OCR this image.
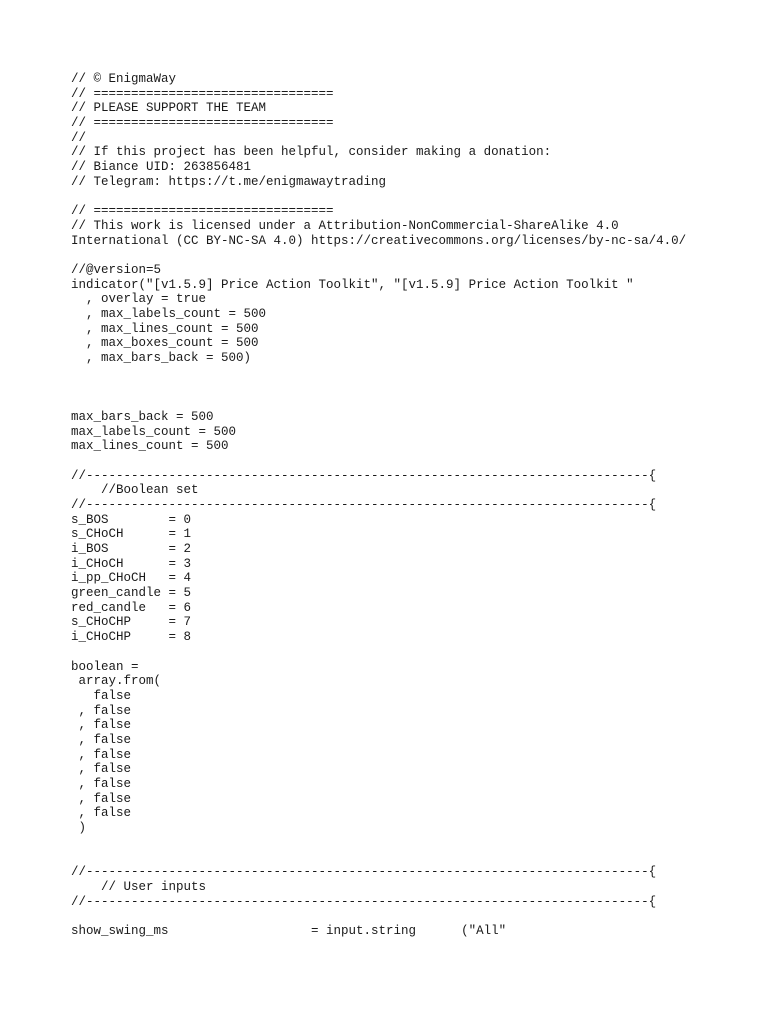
// © EnigmaWay
// ================================
// PLEASE SUPPORT THE TEAM
// ================================
//
// If this project has been helpful, consider making a donation:
// Biance UID: 263856481
// Telegram: https://t.me/enigmawaytrading
// ================================
// This work is licensed under a Attribution-NonCommercial-ShareAlike 4.0
International (CC BY-NC-SA 4.0) https://creativecommons.org/licenses/by-nc-sa/4.0/
//@version=5
indicator("[v1.5.9] Price Action Toolkit", "[v1.5.9] Price Action Toolkit "
, overlay = true
, max_labels_count = 500
, max_lines_count = 500
, max_boxes_count = 500
, max_bars_back = 500)
max_bars_back = 500
max_labels_count = 500
max_lines_count = 500
//---------------------------------------------------------------------------{
//Boolean set
//---------------------------------------------------------------------------{
s_BOS        = 0
s_CHoCH      = 1
i_BOS        = 2
i_CHoCH      = 3
i_pp_CHoCH   = 4
green_candle = 5
red_candle   = 6
s_CHoCHP     = 7
i_CHoCHP     = 8
boolean =
array.from(
false
, false
, false
, false
, false
, false
, false
, false
, false
)
//---------------------------------------------------------------------------{
// User inputs
//---------------------------------------------------------------------------{
show_swing_ms                   = input.string      ("All"
